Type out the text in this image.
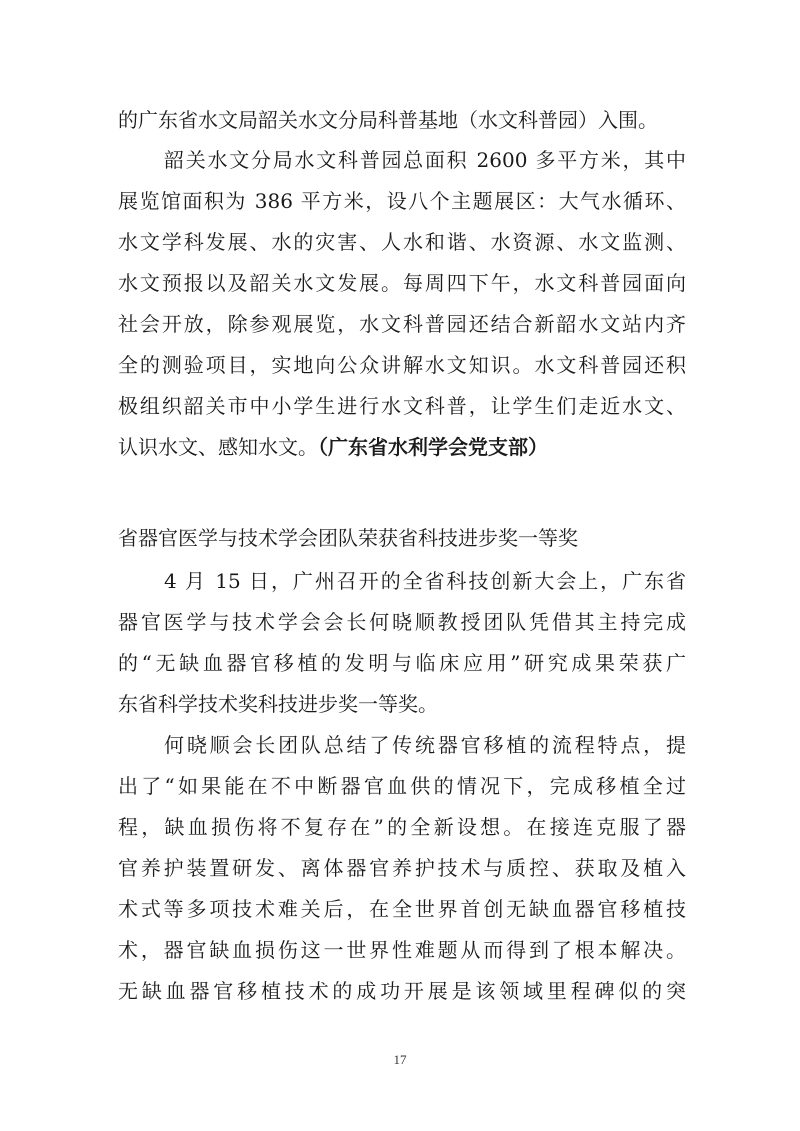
的广东省水文局韶关水文分局科普基地（水文科普园）入围。
韶关水文分局水文科普园总面积 2600 多平方米，其中
展览馆面积为 386 平方米，设八个主题展区：大气水循环、
水文学科发展、水的灾害、人水和谐、水资源、水文监测、
水文预报以及韶关水文发展。每周四下午，水文科普园面向
社会开放，除参观展览，水文科普园还结合新韶水文站内齐
全的测验项目，实地向公众讲解水文知识。水文科普园还积
极组织韶关市中小学生进行水文科普，让学生们走近水文、
认识水文、感知水文。（广东省水利学会党支部）
省器官医学与技术学会团队荣获省科技进步奖一等奖
4 月 15 日，广州召开的全省科技创新大会上，广东省
器官医学与技术学会会长何晓顺教授团队凭借其主持完成
的“无缺血器官移植的发明与临床应用”研究成果荣获广
东省科学技术奖科技进步奖一等奖。
何晓顺会长团队总结了传统器官移植的流程特点，提
出了“如果能在不中断器官血供的情况下，完成移植全过
程，缺血损伤将不复存在”的全新设想。在接连克服了器
官养护装置研发、离体器官养护技术与质控、获取及植入
术式等多项技术难关后，在全世界首创无缺血器官移植技
术，器官缺血损伤这一世界性难题从而得到了根本解决。
无缺血器官移植技术的成功开展是该领域里程碑似的突
17
